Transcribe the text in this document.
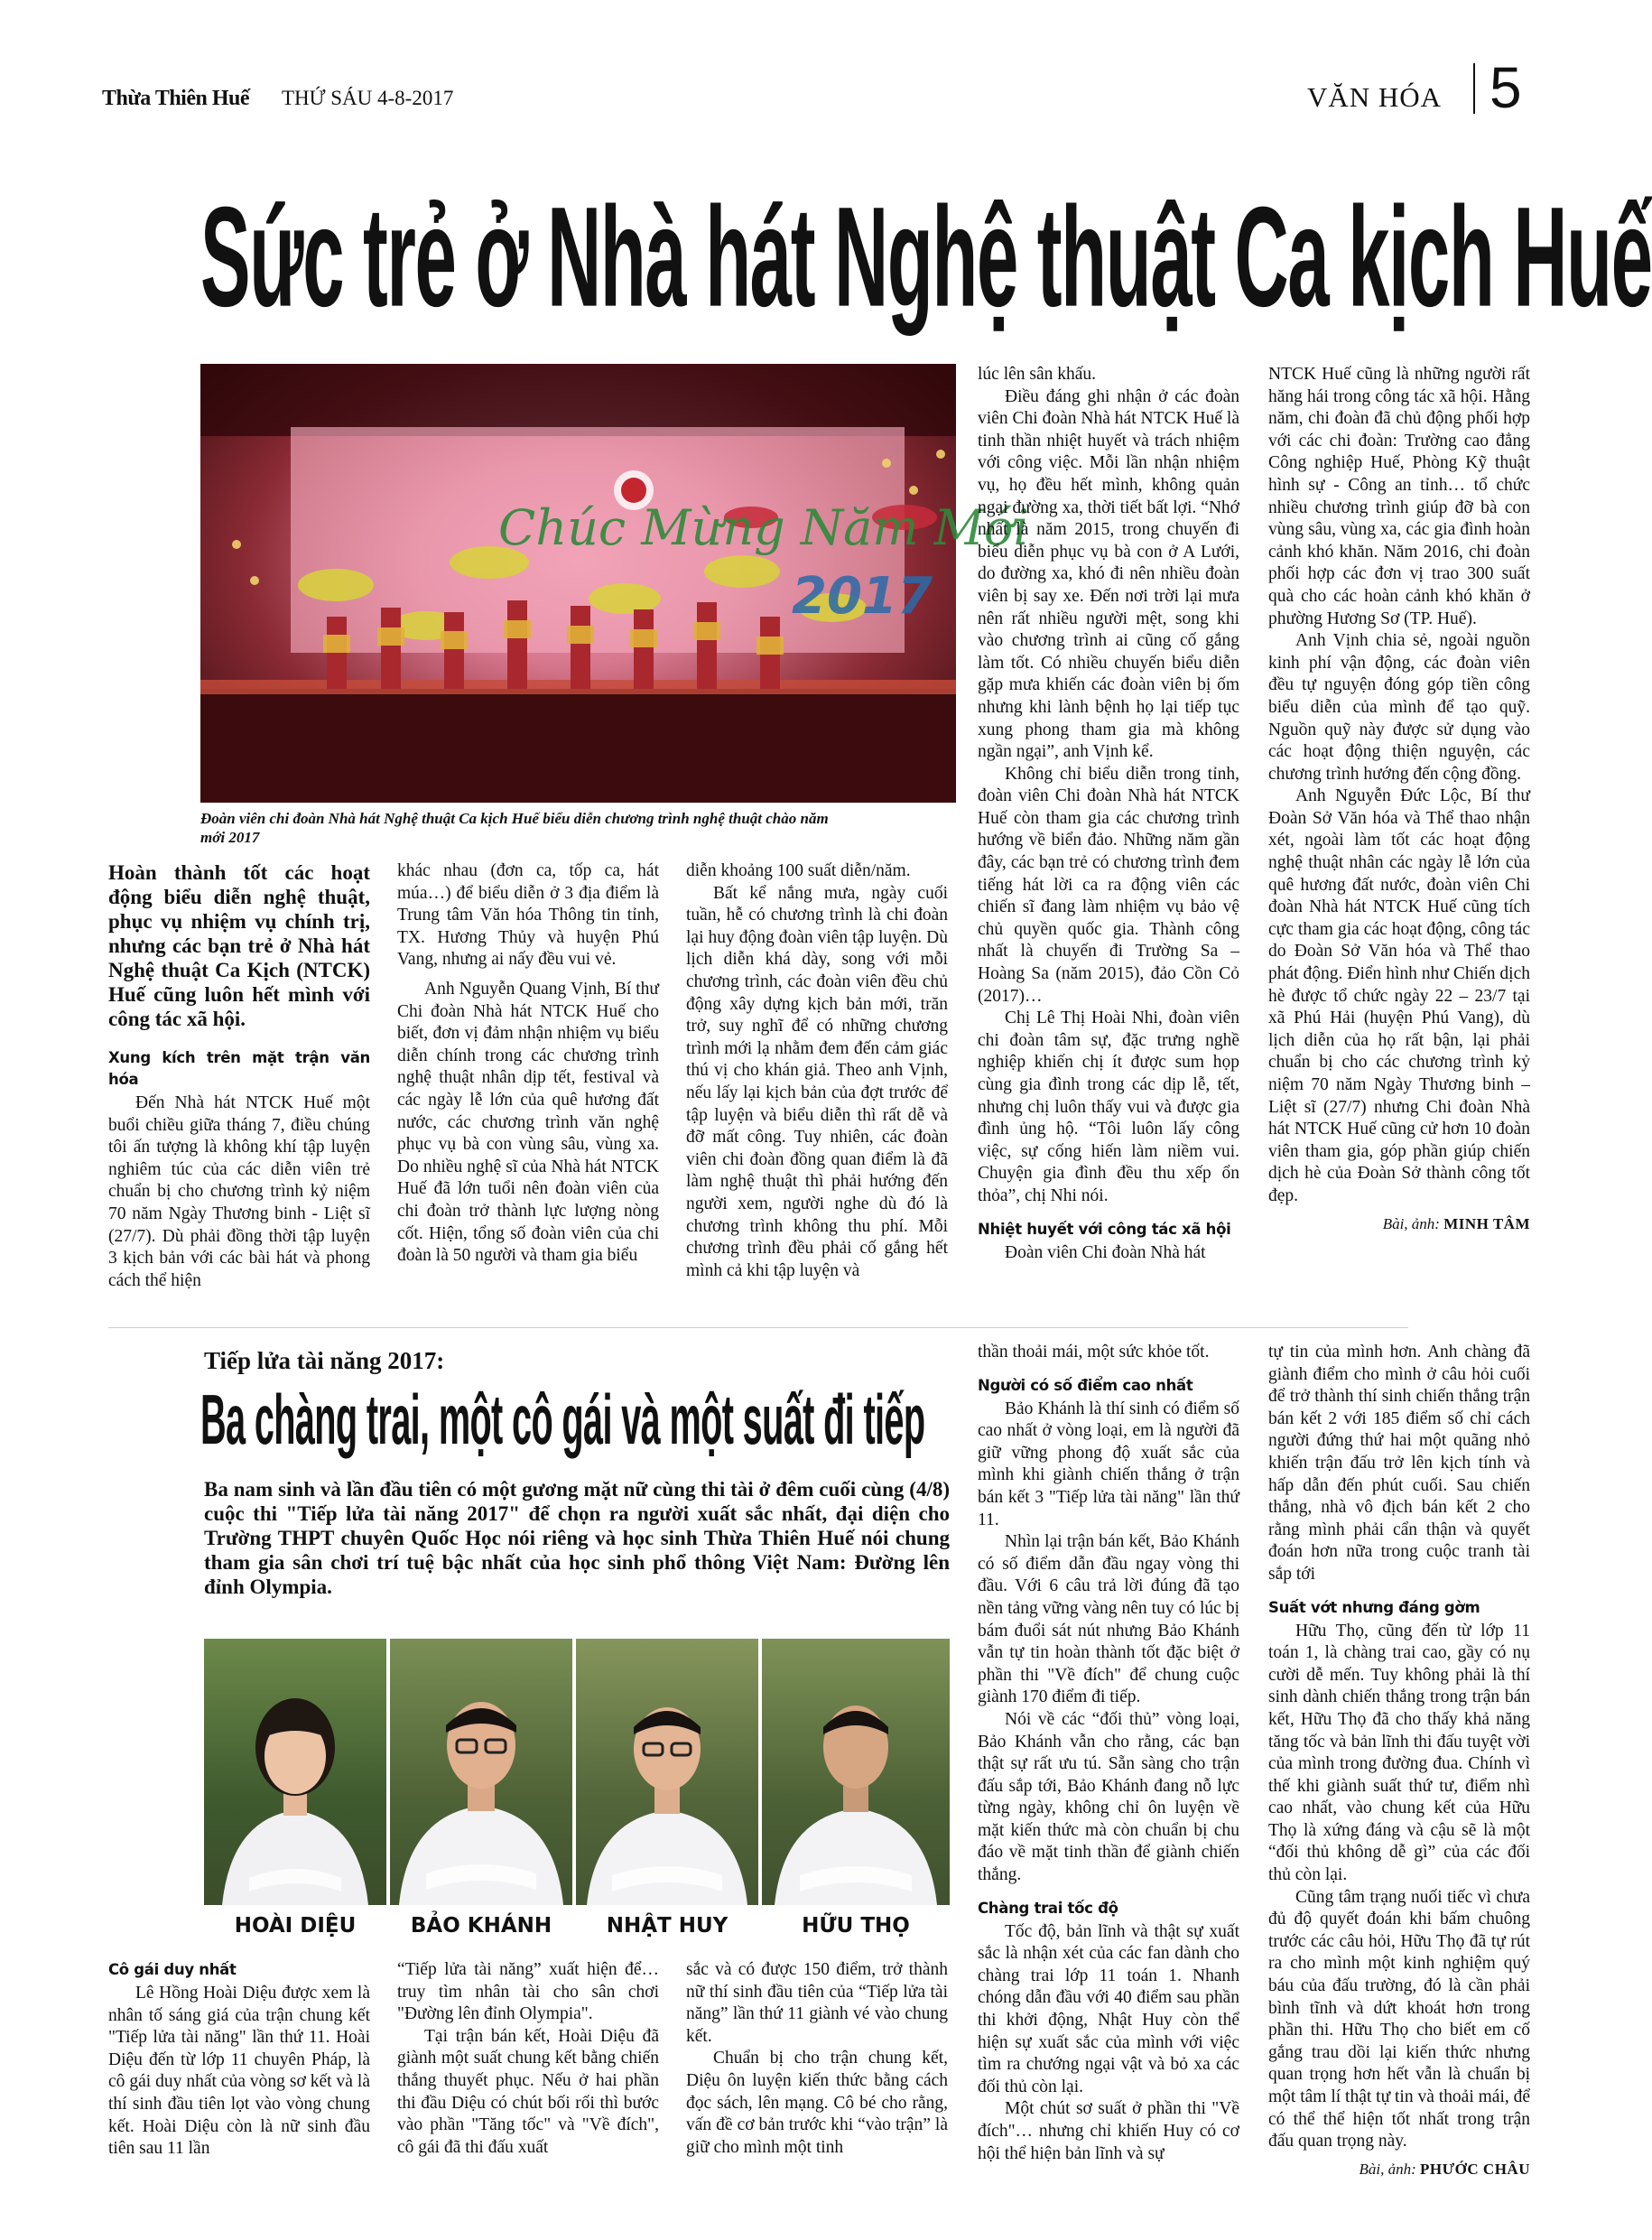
Thừa Thiên Huế THỨ SÁU 4-8-2017	VĂN HÓA 5
Sức trẻ ở Nhà hát Nghệ thuật Ca kịch Huế
Chúc Mừng Năm Mới
2017
Đoàn viên chi đoàn Nhà hát Nghệ thuật Ca kịch Huế biểu diễn chương trình nghệ thuật chào năm mới 2017

Hoàn thành tốt các hoạt động biểu diễn nghệ thuật, phục vụ nhiệm vụ chính trị, nhưng các bạn trẻ ở Nhà hát Nghệ thuật Ca Kịch (NTCK) Huế cũng luôn hết mình với công tác xã hội.

Xung kích trên mặt trận văn hóa

Đến Nhà hát NTCK Huế một buổi chiều giữa tháng 7, điều chúng tôi ấn tượng là không khí tập luyện nghiêm túc của các diễn viên trẻ chuẩn bị cho chương trình kỷ niệm 70 năm Ngày Thương binh - Liệt sĩ (27/7). Dù phải đồng thời tập luyện 3 kịch bản với các bài hát và phong cách thể hiện

khác nhau (đơn ca, tốp ca, hát múa…) để biểu diễn ở 3 địa điểm là Trung tâm Văn hóa Thông tin tỉnh, TX. Hương Thủy và huyện Phú Vang, nhưng ai nấy đều vui vẻ.

Anh Nguyễn Quang Vịnh, Bí thư Chi đoàn Nhà hát NTCK Huế cho biết, đơn vị đảm nhận nhiệm vụ biểu diễn chính trong các chương trình nghệ thuật nhân dịp tết, festival và các ngày lễ lớn của quê hương đất nước, các chương trình văn nghệ phục vụ bà con vùng sâu, vùng xa. Do nhiều nghệ sĩ của Nhà hát NTCK Huế đã lớn tuổi nên đoàn viên của chi đoàn trở thành lực lượng nòng cốt. Hiện, tổng số đoàn viên của chi đoàn là 50 người và tham gia biểu

diễn khoảng 100 suất diễn/năm.

Bất kể nắng mưa, ngày cuối tuần, hễ có chương trình là chi đoàn lại huy động đoàn viên tập luyện. Dù lịch diễn khá dày, song với mỗi chương trình, các đoàn viên đều chủ động xây dựng kịch bản mới, trăn trở, suy nghĩ để có những chương trình mới lạ nhằm đem đến cảm giác thú vị cho khán giả. Theo anh Vịnh, nếu lấy lại kịch bản của đợt trước để tập luyện và biểu diễn thì rất dễ và đỡ mất công. Tuy nhiên, các đoàn viên chi đoàn đồng quan điểm là đã làm nghệ thuật thì phải hướng đến người xem, người nghe dù đó là chương trình không thu phí. Mỗi chương trình đều phải cố gắng hết mình cả khi tập luyện và

lúc lên sân khấu.

Điều đáng ghi nhận ở các đoàn viên Chi đoàn Nhà hát NTCK Huế là tinh thần nhiệt huyết và trách nhiệm với công việc. Mỗi lần nhận nhiệm vụ, họ đều hết mình, không quản ngại đường xa, thời tiết bất lợi. “Nhớ nhất là năm 2015, trong chuyến đi biểu diễn phục vụ bà con ở A Lưới, do đường xa, khó đi nên nhiều đoàn viên bị say xe. Đến nơi trời lại mưa nên rất nhiều người mệt, song khi vào chương trình ai cũng cố gắng làm tốt. Có nhiều chuyến biểu diễn gặp mưa khiến các đoàn viên bị ốm nhưng khi lành bệnh họ lại tiếp tục xung phong tham gia mà không ngần ngại”, anh Vịnh kể.

Không chỉ biểu diễn trong tỉnh, đoàn viên Chi đoàn Nhà hát NTCK Huế còn tham gia các chương trình hướng về biển đảo. Những năm gần đây, các bạn trẻ có chương trình đem tiếng hát lời ca ra động viên các chiến sĩ đang làm nhiệm vụ bảo vệ chủ quyền quốc gia. Thành công nhất là chuyến đi Trường Sa – Hoàng Sa (năm 2015), đảo Cồn Cỏ (2017)…

Chị Lê Thị Hoài Nhi, đoàn viên chi đoàn tâm sự, đặc trưng nghề nghiệp khiến chị ít được sum họp cùng gia đình trong các dịp lễ, tết, nhưng chị luôn thấy vui và được gia đình ủng hộ. “Tôi luôn lấy công việc, sự cống hiến làm niềm vui. Chuyện gia đình đều thu xếp ổn thỏa”, chị Nhi nói.

Nhiệt huyết với công tác xã hội

Đoàn viên Chi đoàn Nhà hát

NTCK Huế cũng là những người rất hăng hái trong công tác xã hội. Hằng năm, chi đoàn đã chủ động phối hợp với các chi đoàn: Trường cao đẳng Công nghiệp Huế, Phòng Kỹ thuật hình sự - Công an tỉnh… tổ chức nhiều chương trình giúp đỡ bà con vùng sâu, vùng xa, các gia đình hoàn cảnh khó khăn. Năm 2016, chi đoàn phối hợp các đơn vị trao 300 suất quà cho các hoàn cảnh khó khăn ở phường Hương Sơ (TP. Huế).

Anh Vịnh chia sẻ, ngoài nguồn kinh phí vận động, các đoàn viên đều tự nguyện đóng góp tiền công biểu diễn của mình để tạo quỹ. Nguồn quỹ này được sử dụng vào các hoạt động thiện nguyện, các chương trình hướng đến cộng đồng.

Anh Nguyễn Đức Lộc, Bí thư Đoàn Sở Văn hóa và Thể thao nhận xét, ngoài làm tốt các hoạt động nghệ thuật nhân các ngày lễ lớn của quê hương đất nước, đoàn viên Chi đoàn Nhà hát NTCK Huế cũng tích cực tham gia các hoạt động, công tác do Đoàn Sở Văn hóa và Thể thao phát động. Điển hình như Chiến dịch hè được tổ chức ngày 22 – 23/7 tại xã Phú Hải (huyện Phú Vang), dù lịch diễn của họ rất bận, lại phải chuẩn bị cho các chương trình kỷ niệm 70 năm Ngày Thương binh – Liệt sĩ (27/7) nhưng Chi đoàn Nhà hát NTCK Huế cũng cử hơn 10 đoàn viên tham gia, góp phần giúp chiến dịch hè của Đoàn Sở thành công tốt đẹp.

Bài, ảnh: MINH TÂM
Tiếp lửa tài năng 2017:
Ba chàng trai, một cô gái và một suất đi tiếp
Ba nam sinh và lần đầu tiên có một gương mặt nữ cùng thi tài ở đêm cuối cùng (4/8) cuộc thi "Tiếp lửa tài năng 2017" để chọn ra người xuất sắc nhất, đại diện cho Trường THPT chuyên Quốc Học nói riêng và học sinh Thừa Thiên Huế nói chung tham gia sân chơi trí tuệ bậc nhất của học sinh phổ thông Việt Nam: Đường lên đỉnh Olympia.
HOÀI DIỆU	BẢO KHÁNH	NHẬT HUY	HỮU THỌ
Cô gái duy nhất

Lê Hồng Hoài Diệu được xem là nhân tố sáng giá của trận chung kết "Tiếp lửa tài năng" lần thứ 11. Hoài Diệu đến từ lớp 11 chuyên Pháp, là cô gái duy nhất của vòng sơ kết và là thí sinh đầu tiên lọt vào vòng chung kết. Hoài Diệu còn là nữ sinh đầu tiên sau 11 lần

“Tiếp lửa tài năng” xuất hiện để… truy tìm nhân tài cho sân chơi "Đường lên đỉnh Olympia".

Tại trận bán kết, Hoài Diệu đã giành một suất chung kết bằng chiến thắng thuyết phục. Nếu ở hai phần thi đầu Diệu có chút bối rối thì bước vào phần "Tăng tốc" và "Về đích", cô gái đã thi đấu xuất

sắc và có được 150 điểm, trở thành nữ thí sinh đầu tiên của “Tiếp lửa tài năng” lần thứ 11 giành vé vào chung kết.

Chuẩn bị cho trận chung kết, Diệu ôn luyện kiến thức bằng cách đọc sách, lên mạng. Cô bé cho rằng, vấn đề cơ bản trước khi “vào trận” là giữ cho mình một tinh

thần thoải mái, một sức khỏe tốt.

Người có số điểm cao nhất

Bảo Khánh là thí sinh có điểm số cao nhất ở vòng loại, em là người đã giữ vững phong độ xuất sắc của mình khi giành chiến thắng ở trận bán kết 3 "Tiếp lửa tài năng" lần thứ 11.

Nhìn lại trận bán kết, Bảo Khánh có số điểm dẫn đầu ngay vòng thi đầu. Với 6 câu trả lời đúng đã tạo nền tảng vững vàng nên tuy có lúc bị bám đuổi sát nút nhưng Bảo Khánh vẫn tự tin hoàn thành tốt đặc biệt ở phần thi "Về đích" để chung cuộc giành 170 điểm đi tiếp.

Nói về các “đối thủ” vòng loại, Bảo Khánh vẫn cho rằng, các bạn thật sự rất ưu tú. Sẵn sàng cho trận đấu sắp tới, Bảo Khánh đang nỗ lực từng ngày, không chỉ ôn luyện về mặt kiến thức mà còn chuẩn bị chu đáo về mặt tinh thần để giành chiến thắng.

Chàng trai tốc độ

Tốc độ, bản lĩnh và thật sự xuất sắc là nhận xét của các fan dành cho chàng trai lớp 11 toán 1. Nhanh chóng dẫn đầu với 40 điểm sau phần thi khởi động, Nhật Huy còn thể hiện sự xuất sắc của mình với việc tìm ra chướng ngại vật và bỏ xa các đối thủ còn lại.

Một chút sơ suất ở phần thi "Về đích"… nhưng chỉ khiến Huy có cơ hội thể hiện bản lĩnh và sự

tự tin của mình hơn. Anh chàng đã giành điểm cho mình ở câu hỏi cuối để trở thành thí sinh chiến thắng trận bán kết 2 với 185 điểm số chỉ cách người đứng thứ hai một quãng nhỏ khiến trận đấu trở lên kịch tính và hấp dẫn đến phút cuối. Sau chiến thắng, nhà vô địch bán kết 2 cho rằng mình phải cẩn thận và quyết đoán hơn nữa trong cuộc tranh tài sắp tới

Suất vớt nhưng đáng gờm

Hữu Thọ, cũng đến từ lớp 11 toán 1, là chàng trai cao, gầy có nụ cười dễ mến. Tuy không phải là thí sinh dành chiến thắng trong trận bán kết, Hữu Thọ đã cho thấy khả năng tăng tốc và bản lĩnh thi đấu tuyệt vời của mình trong đường đua. Chính vì thế khi giành suất thứ tư, điểm nhì cao nhất, vào chung kết của Hữu Thọ là xứng đáng và cậu sẽ là một “đối thủ không dễ gì” của các đối thủ còn lại.

Cũng tâm trạng nuối tiếc vì chưa đủ độ quyết đoán khi bấm chuông trước các câu hỏi, Hữu Thọ đã tự rút ra cho mình một kinh nghiệm quý báu của đấu trường, đó là cần phải bình tĩnh và dứt khoát hơn trong phần thi. Hữu Thọ cho biết em cố gắng trau dồi lại kiến thức nhưng quan trọng hơn hết vẫn là chuẩn bị một tâm lí thật tự tin và thoải mái, để có thể thể hiện tốt nhất trong trận đấu quan trọng này.

Bài, ảnh: PHƯỚC CHÂU
